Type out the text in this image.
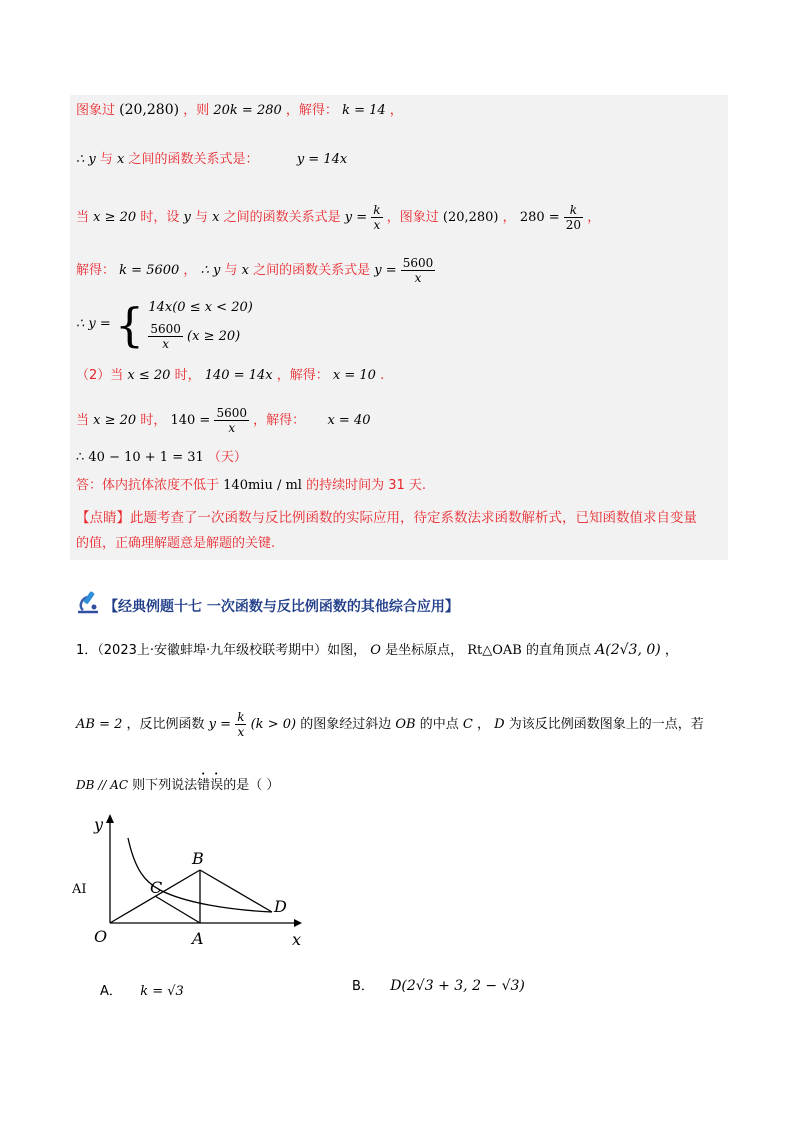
图象过 (20,280) ，则 20k = 280 ，解得： k = 14 ，
∴ y 与 x 之间的函数关系式是：	y = 14x
当 x ≥ 20 时，设 y 与 x 之间的函数关系式是 $y = \frac{k}{x}$ ，图象过 (20,280) ， $280 = \frac{k}{20}$ ，
解得： k = 5600 ， ∴ y 与 x 之间的函数关系式是 $y = \frac{5600}{x}$
∴ y = { 14x(0 ≤ x < 20)
$\frac{5600}{x} (x \ge 20)$
（2）当 x ≤ 20 时， 140 = 14x ，解得： x = 10 .
当 x ≥ 20 时， $140 = \frac{5600}{x}$ ，解得： x = 40
∴ 40 − 10 + 1 = 31 （天）
答：体内抗体浓度不低于 140miu / ml 的持续时间为 31 天.
【点睛】此题考查了一次函数与反比例函数的实际应用，待定系数法求函数解析式，已知函数值求自变量
的值，正确理解题意是解题的关键.
【经典例题十七 一次函数与反比例函数的其他综合应用】
1．（2023上·安徽蚌埠·九年级校联考期中）如图， O 是坐标原点， Rt△OAB 的直角顶点 A(2√3, 0) ，
AB = 2 ，反比例函数 $y = \frac{k}{x} (k > 0)$ 的图象经过斜边 OB 的中点 C ， D 为该反比例函数图象上的一点，若
DB // AC 则下列说法错误的是（ ）
y
x
O	A
B
C
D
AI
A． k = √3	B． D(2√3 + 3, 2 − √3)
